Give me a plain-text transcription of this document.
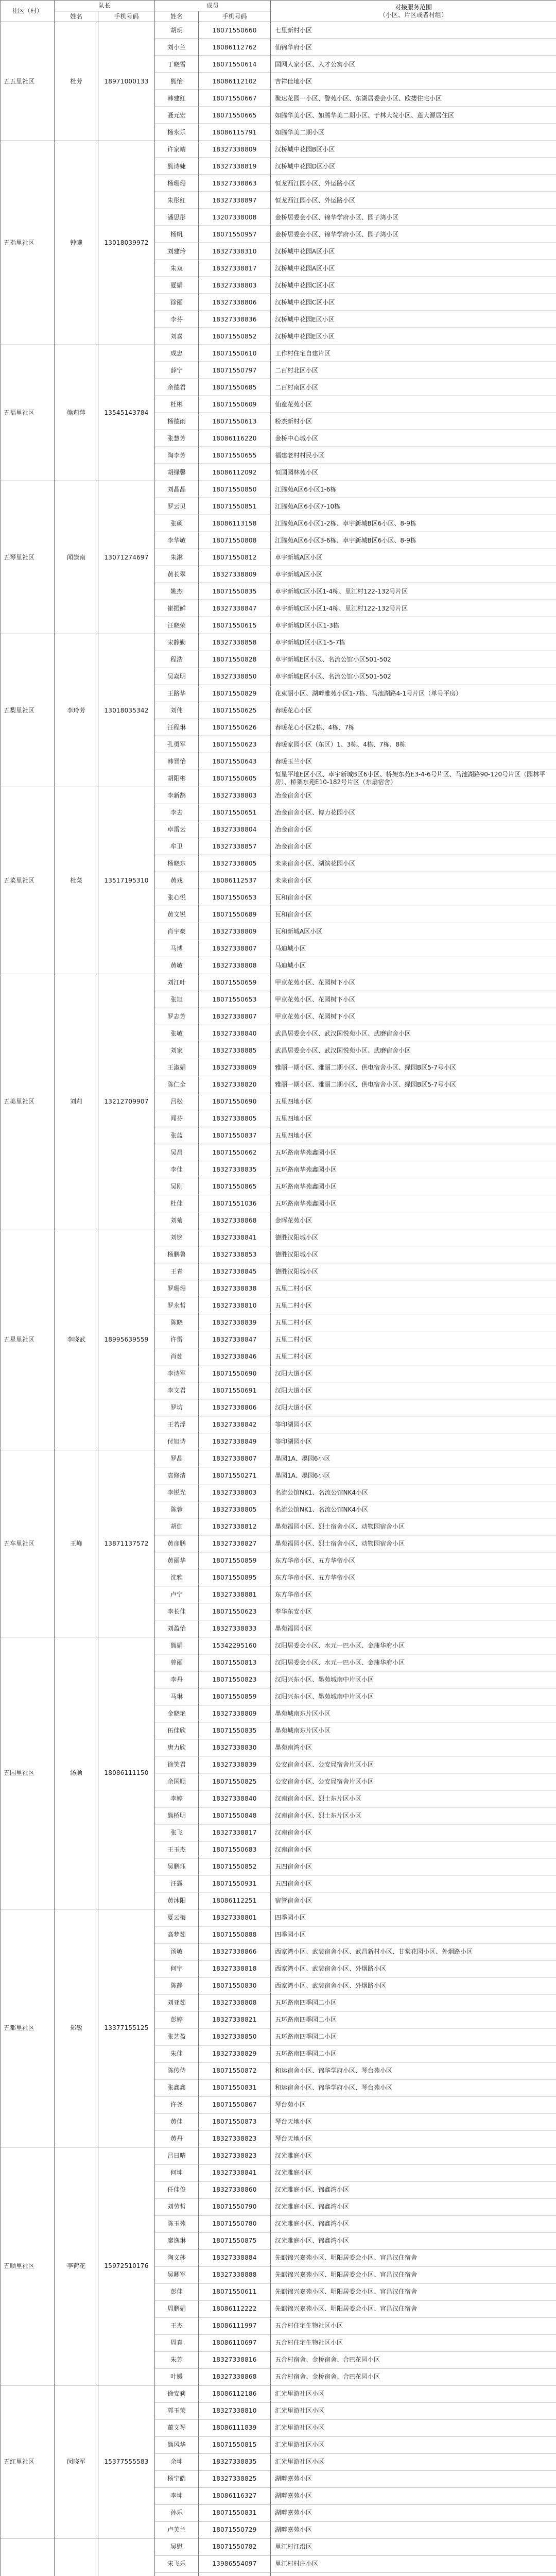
社区（村）	队长		成员		对接服务范围
（小区、片区或者村组）

	姓名	手机号码	姓名	手机号码	
五五里社区	杜芳	18971000133	胡玥	18071550660	七里新村小区
			刘小兰	18086112762	仙锦华府小区
			丁晓雪	18071550614	国网人家小区、人才公寓小区
			熊怡	18086112102	吉祥佳地小区
			韩建红	18071550667	聚达花园一小区、警苑小区、东湖居委会小区、欧搂住宅小区
			聂元宏	18071550665	如腾华美小区、如腾华美二期小区、于林大院小区、莲大源居住区
			杨永乐	18086115791	如腾华美二期小区
五指里社区	钟曦	13018039972	许家靖	18327338809	汉桥城中花园B区小区
			熊诗婕	18327338819	汉桥城中花园D区小区
			杨珊珊	18327338863	恒龙西江园小区、外运路小区
			朱彤红	18327338897	恒龙西江园小区、外运路小区
			潘思彤	13207338008	金桥居委会小区、锦华学府小区、园子湾小区
			杨帆	18071550957	金桥居委会小区、锦华学府小区、园子湾小区
			刘建玲	18327338310	汉桥城中花园A区小区
			朱双	18327338817	汉桥城中花园A区小区
			夏娟	18327338803	汉桥城中花园C区小区
			徐丽	18327338806	汉桥城中花园C区小区
			李芬	18327338836	汉桥城中花园E区小区
			刘喜	18071550852	汉桥城中花园E区小区
五福里社区	熊莉萍	13545143784	成忠	18071550610	工作村住宅自建片区
			薛宁	18071550797	二百村北区小区
			余德君	18071550685	二百村南区小区
			杜彬	18071550609	仙童花苑小区
			杨德雨	18071550613	粉杰新村小区
			张慧芳	18086116220	金桥中心城小区
			陶李芳	18071550655	福建老村村民小区
			胡绿馨	18086112092	恒国园林苑小区
五琴里社区	闻崇南	13071274697	刘晶晶	18071550850	江腾苑A区6小区1-6栋
			罗云贝	18071550851	江腾苑A区6小区7-10栋
			张硕	18086113158	江腾苑A区6小区1-2栋、卓宇新城B区6小区、8-9栋
			李华敏	18071550808	江腾苑A区6小区3-6栋、卓宇新城B区6小区、8-9栋
			朱淋	18071550812	卓宇新城A区小区
			黄长翠	18327338809	卓宇新城A区小区
			姚杰	18071550835	卓宇新城C区小区1-4栋、里江村122-132号片区
			崔振鲜	18327338847	卓宇新城C区小区1-4栋、里江村122-132号片区
			汪晓荣	18071550615	卓宇新城D区小区1-3栋
五梨里社区	李玲芳	13018035342	宋静勤	18327338858	卓宇新城D区小区1-5-7栋
			程浩	18071550828	卓宇新城E区小区、名流公馆小区501-502
			吴焱明	18327338850	卓宇新城E区小区、名流公馆小区501-502
			王路华	18071550829	花束丽小区、湖畔雅苑小区1-7栋、马池湖路4-1号片区（单号平房）
			刘伟	18071550625	春暖花心小区
			汪程琳	18071550626	春暖花心小区2栋、4栋、7栋
			孔勇军	18071550623	春暖家园小区（东区）1、3栋、4栋、7栋、8栋
			韩晋怡	18071550643	春暖玉兰小区
			胡阳彬	18071550605	恒星平地E区小区、卓宇新城B区6小区、桥架东苑E3-4-6号片区、马池湖路90-120号片区（园林平房）、桥架东苑E10-182号片区（东扇宿舍）
五菜里社区	杜菜	13517195310	李新鹄	18327338803	冶金宿舍小区
			李去	18071550651	冶金宿舍小区、博力花园小区
			卓雷云	18327338804	冶金宿舍小区
			牟卫	18327338857	冶金宿舍小区
			杨晓东	18327338805	未来宿舍小区、湖滨花园小区
			黄戏	18086112537	未来宿舍小区
			张心悦	18071550653	瓦和宿舍小区
			黄文锐	18071550689	瓦和宿舍小区
			肖宇豪	18327338809	瓦和新城A区小区
			马博	18327338807	马迪城小区
			黄敏	18327338808	马迪城小区
五美里社区	刘莉	13212709907	刘江叶	18071550659	甲京花苑小区、花园树下小区
			张旭	18071550653	甲京花苑小区、花园树下小区
			罗志芳	18327338807	甲京花苑小区、花园树下小区
			张敏	18327338840	武昌居委会小区、武汉国悦苑小区、武磨宿舍小区
			刘家	18327338885	武昌居委会小区、武汉国悦苑小区、武磨宿舍小区
			王淑娟	18327338809	雅丽一期小区、雅丽二期小区、供电宿舍小区、绿园B区5-7号小区
			陈仁全	18327338820	雅丽一期小区、雅丽二期小区、供电宿舍小区、绿园B区5-7号小区
			吕松	18071550690	五里四地小区
			闻芬	18327338805	五里四地小区
			张蓝	18071550837	五里四地小区
			吴昌	18071550662	五环路南华苑鑫园小区
			李佳	18327338835	五环路南华苑鑫园小区
			吴刚	18071550865	五环路南华苑鑫园小区
			杜佳	18071551036	五环路南华苑鑫园小区
			刘菊	18327338868	金晖花苑小区
五星里社区	李晓武	18995639559	刘铭	18327338841	德胜汉阳城小区
			杨鹏鲁	18327338853	德胜汉阳城小区
			王青	18327338845	德胜汉阳城小区
			罗珊珊	18327338838	五里二村小区
			罗永哲	18327338810	五里二村小区
			陈晓	18327338839	五里二村小区
			许雷	18327338847	五里二村小区
			肖茹	18327338846	五里二村小区
			李诗军	18071550690	汉阳大道小区
			李文君	18071550691	汉阳大道小区
			罗坊	18327338806	汉阳大道小区
			王若浮	18327338842	等印湖园小区
			付旭诗	18327338849	等印湖园小区
五车里社区	王峰	13871137572	罗晶	18327338807	墨园1A、墨园6小区
			袁修清	18071550271	墨园1A、墨园6小区
			李锐光	18327338803	名流公馆NK1、名流公馆NK4小区
			陈蓉	18327338805	名流公馆NK1、名流公馆NK4小区
			胡伽	18327338812	墨苑福园小区、烈士宿舍小区、动物园宿舍小区
			黄彦鹏	18327338827	墨苑福园小区、烈士宿舍小区、动物园宿舍小区
			黄丽华	18071550859	东方华帝小区、五方华帝小区
			沈雅	18071550895	东方华帝小区、五方华帝小区
			卢宁	18327338881	东方华帝小区
			李长佳	18071550623	奉华东安小区
			刘盈怡	18327338833	墨苑福园小区
五园里社区	汤顺	18086111150	熊娟	15342295160	汉阳居委会小区、水元一巴小区、金蒲华府小区
			曾丽	18071550813	汉阳居委会小区、水元一巴小区、金蒲华府小区
			李丹	18071550823	汉阳兴东小区、墨苑城南中片区小区
			马琳	18071550859	汉阳兴东小区、墨苑城南中片区小区
			金晓艳	18327338809	墨苑城南东片区小区
			伍佳欣	18071550835	墨苑城南东片区小区
			唐力欣	18327338830	墨苑南湾小区
			徐笑君	18327338839	公安宿舍小区、公安局宿舍片区小区
			余国顺	18071550825	公安宿舍小区、公安局宿舍片区小区
			李婷	18327338840	汉南宿舍小区、烈士东片区小区
			熊桥明	18071550848	汉南宿舍小区、烈士东片区小区
			张飞	18327338817	汉南宿舍小区
			王玉杰	18071550683	汉南宿舍小区
			吴鹏珏	18071550852	五四宿舍小区
			汪露	18071550931	五四宿舍小区
			黄沐阳	18086112251	宿管宿舍小区
五都里社区	郑敏	13377155125	夏云梅	18327338801	四季园小区
			高梦茹	18071550888	四季园小区
			汤敏	18327338866	西家湾小区、武装宿舍小区、武昌新村小区、甘棠花园小区、外烟路小区
			何宇	18327338818	西家湾小区、武装宿舍小区、外烟路小区
			陈静	18071550830	西家湾小区、武装宿舍小区、外烟路小区
			刘亚茹	18327338808	五环路南四季园二小区
			彭婷	18327338821	五环路南四季园二小区
			张艺盈	18327338850	五环路南四季园二小区
			朱佳	18327338829	五环路南四季园二小区
			陈传侍	18071550872	和运宿舍小区、锦华学府小区、琴台苑小区
			张鑫鑫	18071550831	和运宿舍小区、锦华学府小区、琴台苑小区
			许尧	18071550867	琴台苑小区
			黄佳	18071550873	琴台天地小区
			黄丹	18327338823	琴台天地小区
五顺里社区	李荷花	15972510176	吕日晴	18327338823	汉光雅庭小区
			何坤	18327338841	汉光雅庭小区
			任佳俊	18327338860	汉光雅庭小区、锦鑫湾小区
			刘劳哲	18071550790	汉光雅庭小区、锦鑫湾小区
			陈玉苑	18071550780	汉光雅庭小区、锦鑫湾小区
			廖逸琳	18071550875	汉光雅庭小区、锦鑫湾小区
			陶义莎	18327338884	先麒锦兴嘉苑小区、明阳居委会小区、宫昌汉住宿舍
			吴卿军	18327338888	先麒锦兴嘉苑小区、明阳居委会小区、宫昌汉住宿舍
			彭佳	18071550611	先麒锦兴嘉苑小区、明阳居委会小区、宫昌汉住宿舍
			周鹏娟	18086112222	先麒锦兴嘉苑小区、明阳居委会小区、宫昌汉住宿舍
			王杰	18086111997	五合村住宅生物社区小区
			周真	18086110697	五合村住宅生物社区小区
			朱芳	18327338816	五合村宿舍、金桥宿舍、合巴花园小区
			叶媛	18327338868	五合村宿舍、金桥宿舍、合巴花园小区
五红里社区	闵晓军	15377555583	徐安莉	18086112186	汇光里游社区小区
			郭玉荣	18327338810	汇光里游社区小区
			董文琴	18086111839	汇光里游社区小区
			熊风华	18071550815	汇光里游社区小区
			余坤	18327338835	汇光里游社区小区
			杨宁皓	18327338825	湖畔嘉苑小区
			李坤	18086116327	湖畔嘉苑小区
			孙乐	18071550831	湖畔嘉苑小区
			卢芙兰	18071550729	湖畔嘉苑小区
			吴慰	18071550782	里江村江沿区
			宋飞乐	13986554097	里江村村庄小区
